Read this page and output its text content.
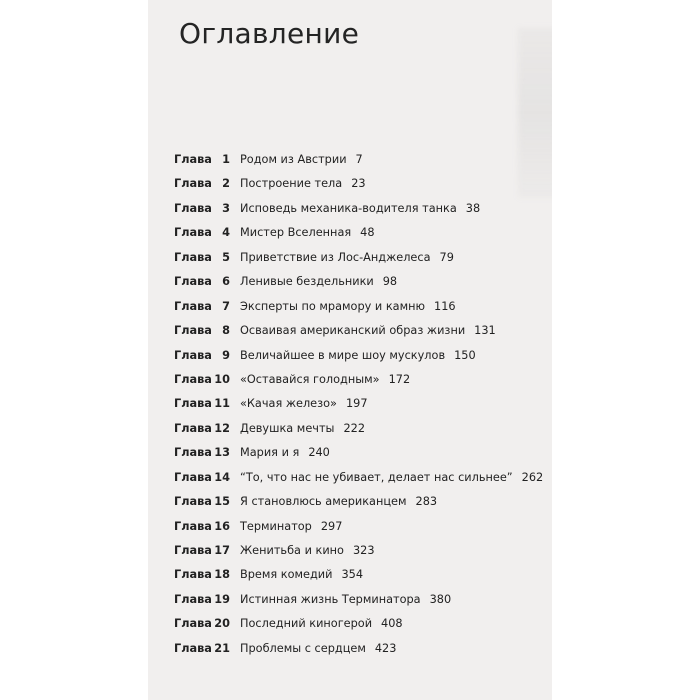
Оглавление
Глава 1 Родом из Австрии 7
Глава 2 Построение тела 23
Глава 3 Исповедь механика-водителя танка 38
Глава 4 Мистер Вселенная 48
Глава 5 Приветствие из Лос-Анджелеса 79
Глава 6 Ленивые бездельники 98
Глава 7 Эксперты по мрамору и камню 116
Глава 8 Осваивая американский образ жизни 131
Глава 9 Величайшее в мире шоу мускулов 150
Глава 10 «Оставайся голодным» 172
Глава 11 «Качая железо» 197
Глава 12 Девушка мечты 222
Глава 13 Мария и я 240
Глава 14 “То, что нас не убивает, делает нас сильнее” 262
Глава 15 Я становлюсь американцем 283
Глава 16 Терминатор 297
Глава 17 Женитьба и кино 323
Глава 18 Время комедий 354
Глава 19 Истинная жизнь Терминатора 380
Глава 20 Последний киногерой 408
Глава 21 Проблемы с сердцем 423
